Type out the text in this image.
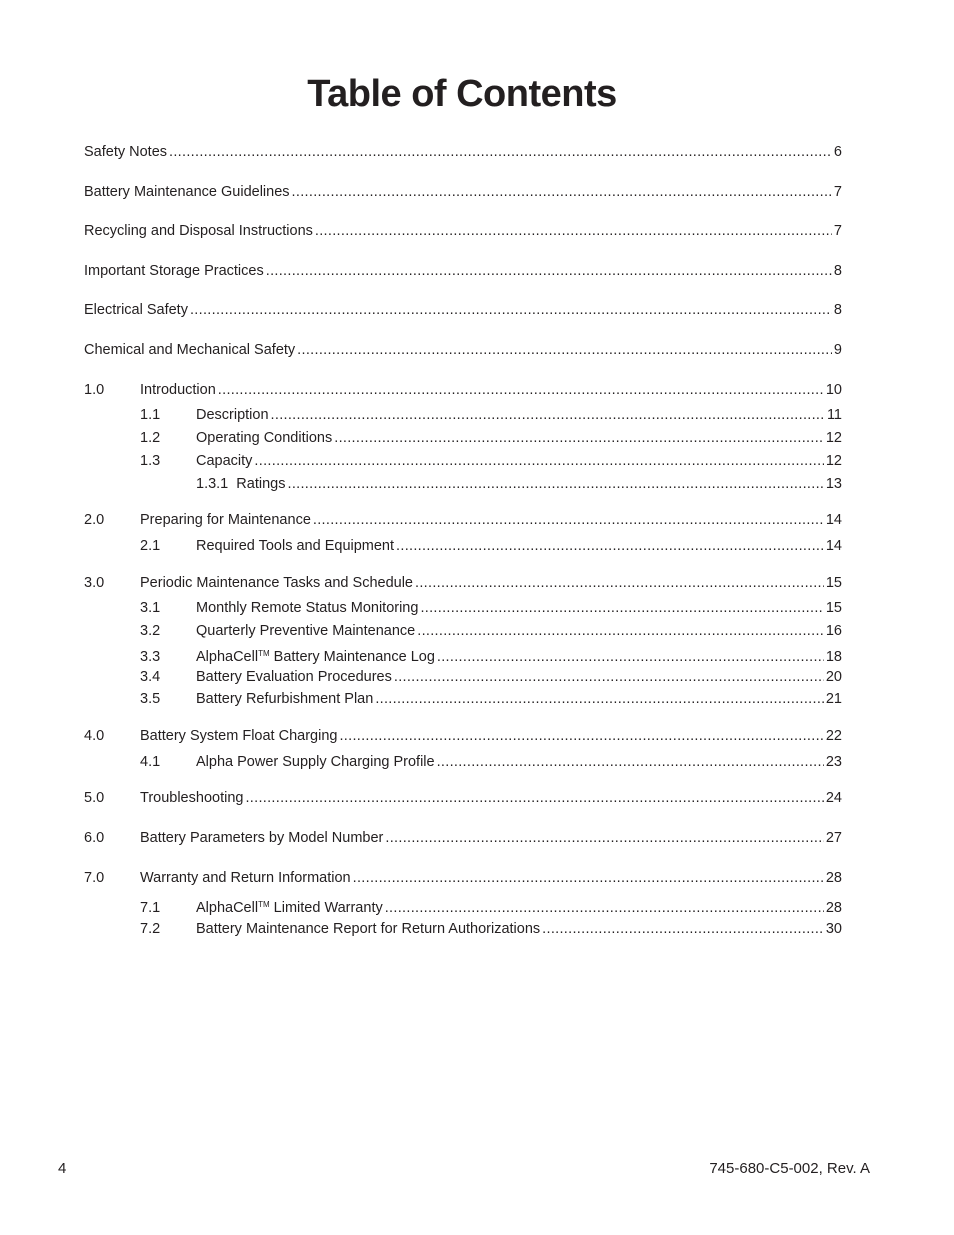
Table of Contents
Safety Notes .....	6
Battery Maintenance Guidelines .....	7
Recycling and Disposal Instructions .....	7
Important Storage Practices .....	8
Electrical Safety .....	8
Chemical and Mechanical Safety .....	9
1.0	Introduction .....	10
1.1	Description .....	11
1.2	Operating Conditions .....	12
1.3	Capacity .....	12
1.3.1  Ratings .....	13
2.0	Preparing for Maintenance .....	14
2.1	Required Tools and Equipment .....	14
3.0	Periodic Maintenance Tasks and Schedule .....	15
3.1	Monthly Remote Status Monitoring .....	15
3.2	Quarterly Preventive Maintenance .....	16
3.3	AlphaCell™ Battery Maintenance Log .....	18
3.4	Battery Evaluation Procedures .....	20
3.5	Battery Refurbishment Plan .....	21
4.0	Battery System Float Charging .....	22
4.1	Alpha Power Supply Charging Profile .....	23
5.0	Troubleshooting .....	24
6.0	Battery Parameters by Model Number .....	27
7.0	Warranty and Return Information .....	28
7.1	AlphaCell™ Limited Warranty .....	28
7.2	Battery Maintenance Report for Return Authorizations .....	30
4	745-680-C5-002, Rev. A
